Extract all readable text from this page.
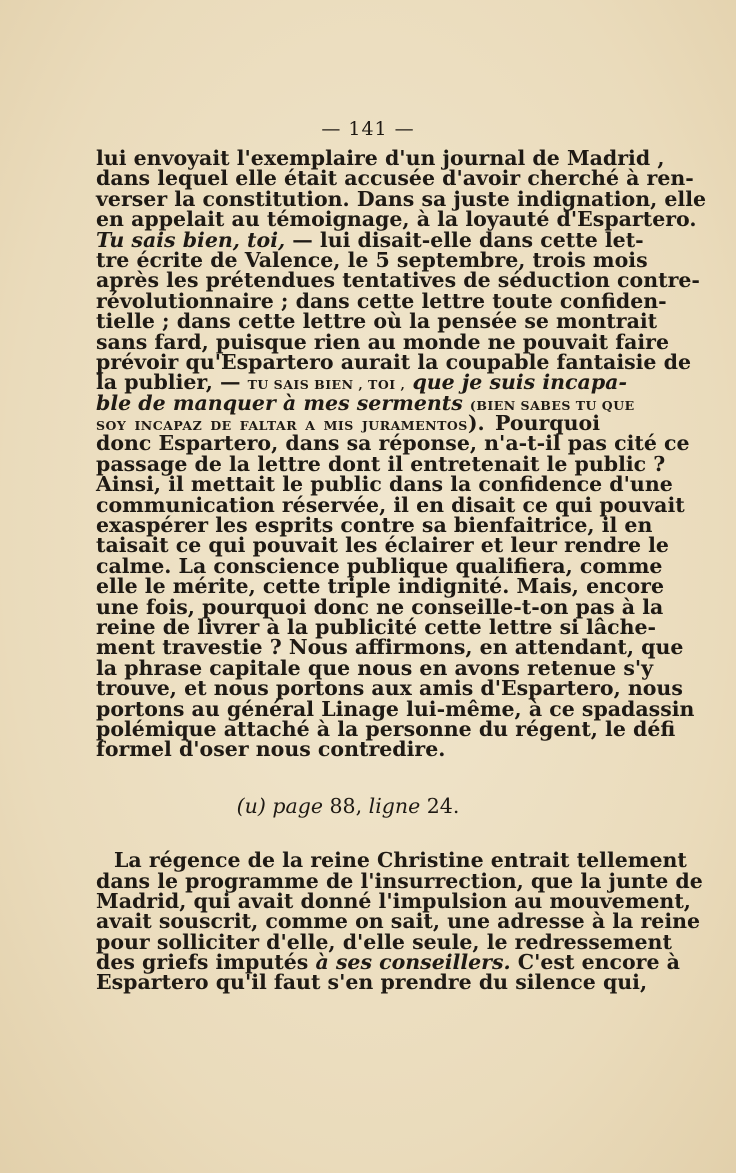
— 141 —
lui envoyait l'exemplaire d'un journal de Madrid ,
dans lequel elle était accusée d'avoir cherché à ren-
verser la constitution. Dans sa juste indignation, elle
en appelait au témoignage, à la loyauté d'Espartero.
Tu sais bien, toi, — lui disait-elle dans cette let-
tre écrite de Valence, le 5 septembre, trois mois
après les prétendues tentatives de séduction contre-
révolutionnaire ; dans cette lettre toute confiden-
tielle ; dans cette lettre où la pensée se montrait
sans fard, puisque rien au monde ne pouvait faire
prévoir qu'Espartero aurait la coupable fantaisie de
la publier, — TU SAIS BIEN , TOI , que je suis incapa-
ble de manquer à mes serments (BIEN SABES TU QUE
SOY INCAPAZ DE FALTAR A MIS JURAMENTOS). Pourquoi
donc Espartero, dans sa réponse, n'a-t-il pas cité ce
passage de la lettre dont il entretenait le public ?
Ainsi, il mettait le public dans la confidence d'une
communication réservée, il en disait ce qui pouvait
exaspérer les esprits contre sa bienfaitrice, il en
taisait ce qui pouvait les éclairer et leur rendre le
calme. La conscience publique qualifiera, comme
elle le mérite, cette triple indignité. Mais, encore
une fois, pourquoi donc ne conseille-t-on pas à la
reine de livrer à la publicité cette lettre si lâche-
ment travestie ? Nous affirmons, en attendant, que
la phrase capitale que nous en avons retenue s'y
trouve, et nous portons aux amis d'Espartero, nous
portons au général Linage lui-même, à ce spadassin
polémique attaché à la personne du régent, le défi
formel d'oser nous contredire.
(u) page 88, ligne 24.
La régence de la reine Christine entrait tellement
dans le programme de l'insurrection, que la junte de
Madrid, qui avait donné l'impulsion au mouvement,
avait souscrit, comme on sait, une adresse à la reine
pour solliciter d'elle, d'elle seule, le redressement
des griefs imputés à ses conseillers. C'est encore à
Espartero qu'il faut s'en prendre du silence qui,
